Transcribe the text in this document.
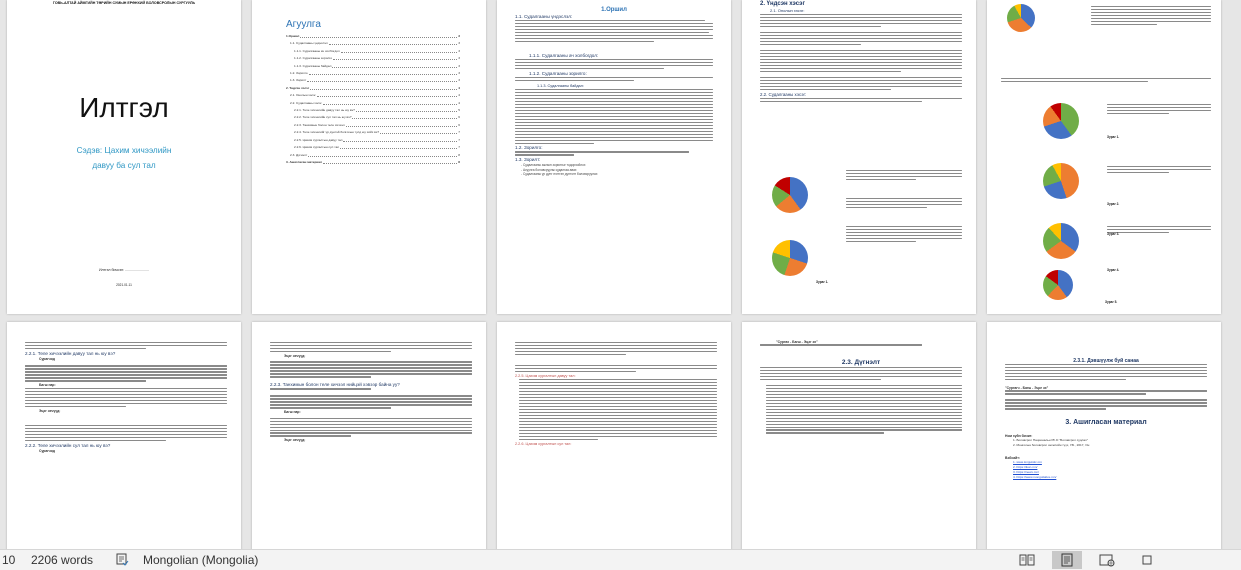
ГОВЬ-АЛТАЙ АЙМГИЙН ТӨРИЙН СУМЫН ЕРӨНХИЙ БОЛОВСРОЛЫН СУРГУУЛЬ
Илтгэл
Сэдэв: Цахим хичээлийн
давуу ба сул тал
Илтгэл бичсэн: ........................
2021.01.11
Агуулга
1.Оршил	3
1.1. Судалгааны үндэслэл	3
1.1.1. Судалгааны ач холбогдол	3
1.1.2. Судалгааны зорилго	3
1.1.3. Судалгааны байдал	3
1.2. Зорилго	3
1.3. Зорилт	3
2. Үндсэн хэсэг	4
2.1. Онолын хэсэг	4
2.2. Судалгааны хэсэг	4
2.2.1. Теле хичээлийн давуу тал нь юу вэ?	5
2.2.2. Теле хичээлийн сул тал нь юу вэ?	6
2.2.3. Танхимын болон теле хичээл	6
2.2.4. Теле хичээлийг үр дүнтэй болгохын тулд юу хийх вэ?	7
2.2.5. Цахим сургалтын давуу тал	7
2.2.6. Цахим сургалтын сул тал	7
2.3. Дүгнэлт	8
3. Ашигласан материал	8
1.Оршил
1.1. Судалгааны үндэслэл:
1.1.1. Судалгааны ач холбогдол:
1.1.2. Судалгааны зорилго:
1.1.3. Судалгааны байдал:
1.2. Зорилго:
1.3. Зорилт:
- Судалгааны ажлын зорилгыг тодорхойлох
- Асуулга боловсруулж судалгаа авах
- Судалгааны үр дүнг нэгтгэн дүгнэлт боловсруулах
2. Үндсэн хэсэг
2.1. Онолын хэсэг:
2.2. Судалгааны хэсэг:
Зураг 1.
Зураг 1.
Зураг 2.
Зураг 3.
Зураг 4.
Зураг 5.
2.2.1. Теле хичээлийн давуу тал нь юу вэ?
Сурагчид
Багш нар:
Эцэг эхчүүд:
2.2.2. Теле хичээлийн сул тал нь юу вэ?
Сурагчид
Эцэг эхчүүд:
2.2.3. Танхимын болон теле хичээл нийцэй хэвээр байна уу?
Багш нар:
Эцэг эхчүүд:
2.2.5. Цахим сургалтын давуу тал:
2.2.6. Цахим сургалтын сул тал:
"Сургах - Багш - Эцэг эх"
2.3. Дүгнэлт	2.3.1. Дэвшүүлж буй санаа
"Сургагч - Багш - Эцэг эх"
3. Ашигласан материал
Ном зүйн бичиг:
1. Боловсрол Национальн Ph.D "Боловсрол судлал"
2. Монголын боловсрол хөгжлийн түүх, УБ., 2017, Он
Вэбсайт:
1. www.Linguistic.mn
2. https://ikon.mn/
3. https://news.mn/
4. https://www.mongolialive.mn/
10 2206 words	Mongolian (Mongolia)
